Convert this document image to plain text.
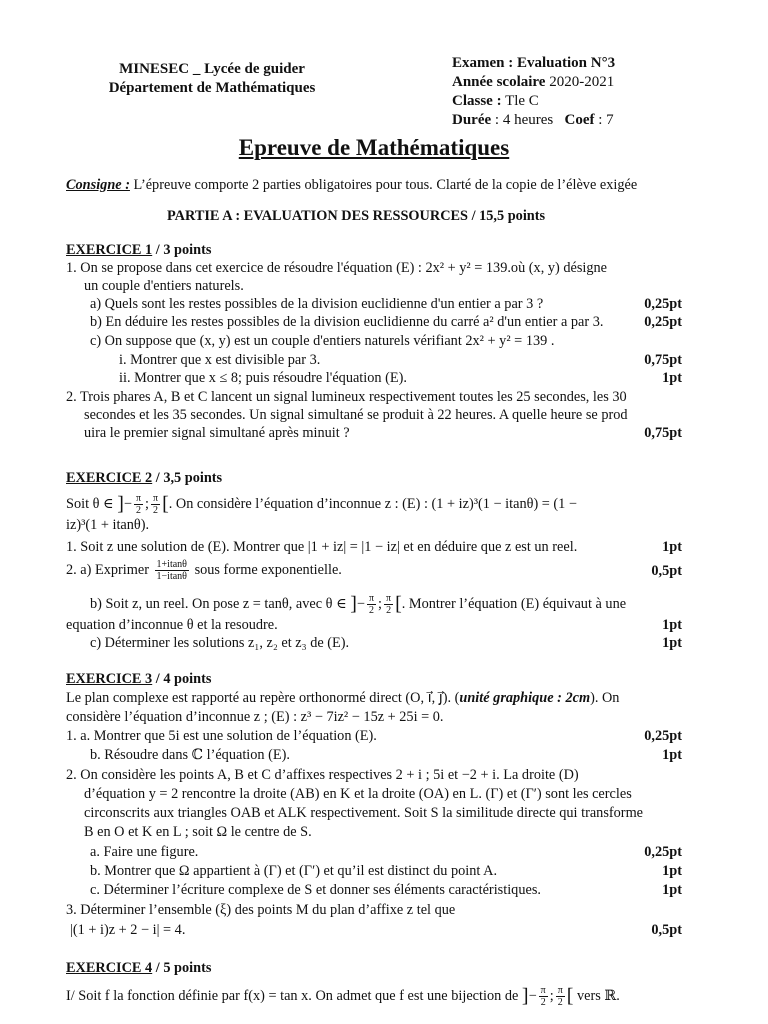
MINESEC _ Lycée de guider
Département de Mathématiques
Examen : Evaluation N°3
Année scolaire 2020-2021
Classe : Tle C
Durée : 4 heures Coef : 7
Epreuve de Mathématiques
Consigne : L’épreuve comporte 2 parties obligatoires pour tous. Clarté de la copie de l’élève exigée
PARTIE A : EVALUATION DES RESSOURCES / 15,5 points
EXERCICE 1 / 3 points
1. On se propose dans cet exercice de résoudre l'équation (E) : 2x² + y² = 139.où (x, y) désigne
un couple d'entiers naturels.
a) Quels sont les restes possibles de la division euclidienne d'un entier a par 3 ?	0,25pt
b) En déduire les restes possibles de la division euclidienne du carré a² d'un entier a par 3.	0,25pt
c) On suppose que (x, y) est un couple d'entiers naturels vérifiant 2x² + y² = 139 .
i. Montrer que x est divisible par 3.	0,75pt
ii. Montrer que x ≤ 8; puis résoudre l'équation (E).	1pt
2. Trois phares A, B et C lancent un signal lumineux respectivement toutes les 25 secondes, les 30
secondes et les 35 secondes. Un signal simultané se produit à 22 heures. A quelle heure se prod
uira le premier signal simultané après minuit ?	0,75pt
EXERCICE 2 / 3,5 points
Soit θ ∈ ]− $\frac{\pi}{2}$ ; $\frac{\pi}{2}$ [. On considère l’équation d’inconnue z : (E) : (1 + iz)³(1 − itanθ) = (1 −
iz)³(1 + itanθ).
1. Soit z une solution de (E). Montrer que |1 + iz| = |1 − iz| et en déduire que z est un reel.	1pt
2. a) Exprimer $\frac{1+itan\theta}{1-itan\theta}$ sous forme exponentielle.	0,5pt
b) Soit z, un reel. On pose z = tanθ, avec θ ∈ ]− $\frac{\pi}{2}$ ; $\frac{\pi}{2}$ [. Montrer l’équation (E) équivaut à une
equation d’inconnue θ et la resoudre.	1pt
c) Déterminer les solutions z₁, z₂ et z₃ de (E).	1pt
EXERCICE 3 / 4 points
Le plan complexe est rapporté au repère orthonormé direct (O, i⃗, j⃗). (unité graphique : 2cm). On
considère l’équation d’inconnue z ; (E) : z³ − 7iz² − 15z + 25i = 0.
1. a. Montrer que 5i est une solution de l’équation (E).	0,25pt
b. Résoudre dans ℂ l’équation (E).	1pt
2. On considère les points A, B et C d’affixes respectives 2 + i ; 5i et −2 + i. La droite (D)
d’équation y = 2 rencontre la droite (AB) en K et la droite (OA) en L. (Γ) et (Γ′) sont les cercles
circonscrits aux triangles OAB et ALK respectivement. Soit S la similitude directe qui transforme
B en O et K en L ; soit Ω le centre de S.
a. Faire une figure.	0,25pt
b. Montrer que Ω appartient à (Γ) et (Γ′) et qu’il est distinct du point A.	1pt
c. Déterminer l’écriture complexe de S et donner ses éléments caractéristiques.	1pt
3. Déterminer l’ensemble (ξ) des points M du plan d’affixe z tel que
|(1 + i)z + 2 − i| = 4.	0,5pt
EXERCICE 4 / 5 points
I/ Soit f la fonction définie par f(x) = tan x. On admet que f est une bijection de ]− $\frac{\pi}{2}$ ; $\frac{\pi}{2}$ [ vers ℝ.
